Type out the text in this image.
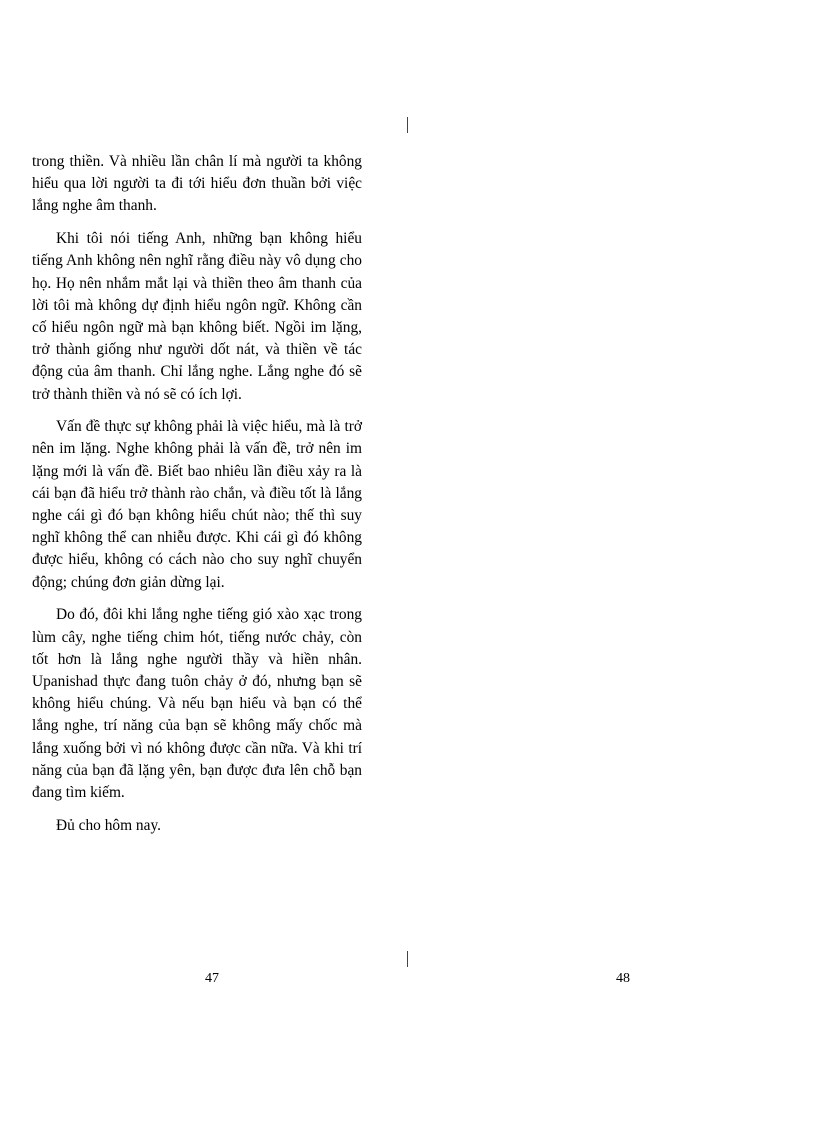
trong thiền. Và nhiều lần chân lí mà người ta không hiểu qua lời người ta đi tới hiểu đơn thuần bởi việc lắng nghe âm thanh.

Khi tôi nói tiếng Anh, những bạn không hiểu tiếng Anh không nên nghĩ rằng điều này vô dụng cho họ. Họ nên nhắm mắt lại và thiền theo âm thanh của lời tôi mà không dự định hiểu ngôn ngữ. Không cần cố hiểu ngôn ngữ mà bạn không biết. Ngồi im lặng, trở thành giống như người dốt nát, và thiền về tác động của âm thanh. Chỉ lắng nghe. Lắng nghe đó sẽ trở thành thiền và nó sẽ có ích lợi.

Vấn đề thực sự không phải là việc hiểu, mà là trở nên im lặng. Nghe không phải là vấn đề, trở nên im lặng mới là vấn đề. Biết bao nhiêu lần điều xảy ra là cái bạn đã hiểu trở thành rào chắn, và điều tốt là lắng nghe cái gì đó bạn không hiểu chút nào; thế thì suy nghĩ không thể can nhiễu được. Khi cái gì đó không được hiểu, không có cách nào cho suy nghĩ chuyển động; chúng đơn giản dừng lại.

Do đó, đôi khi lắng nghe tiếng gió xào xạc trong lùm cây, nghe tiếng chim hót, tiếng nước chảy, còn tốt hơn là lắng nghe người thầy và hiền nhân. Upanishad thực đang tuôn chảy ở đó, nhưng bạn sẽ không hiểu chúng. Và nếu bạn hiểu và bạn có thể lắng nghe, trí năng của bạn sẽ không mấy chốc mà lắng xuống bởi vì nó không được cần nữa. Và khi trí năng của bạn đã lặng yên, bạn được đưa lên chỗ bạn đang tìm kiếm.

Đủ cho hôm nay.

47	48
